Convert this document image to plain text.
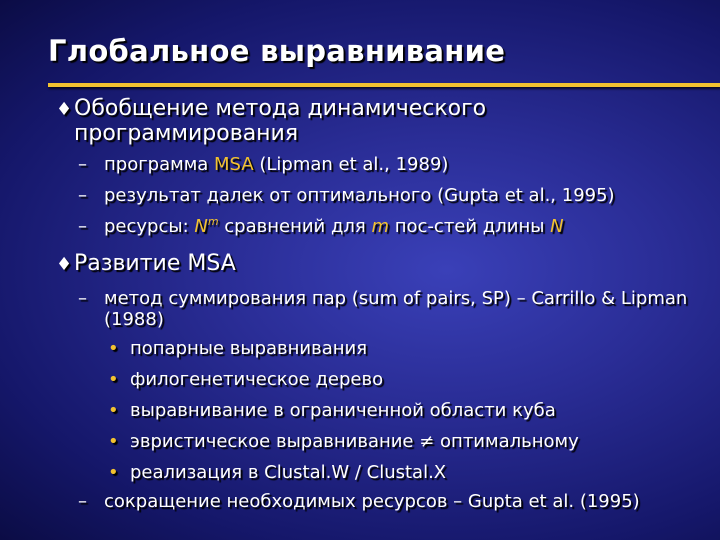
Глобальное выравнивание
♦ Обобщение метода динамического программирования
– программа MSA (Lipman et al., 1989)
– результат далек от оптимального (Gupta et al., 1995)
– ресурсы: $N^m$ сравнений для m пос-стей длины N
♦ Развитие MSA
– метод суммирования пар (sum of pairs, SP) – Carrillo & Lipman (1988)
• попарные выравнивания
• филогенетическое дерево
• выравнивание в ограниченной области куба
• эвристическое выравнивание ≠ оптимальному
• реализация в Clustal.W / Clustal.X
– сокращение необходимых ресурсов – Gupta et al. (1995)
